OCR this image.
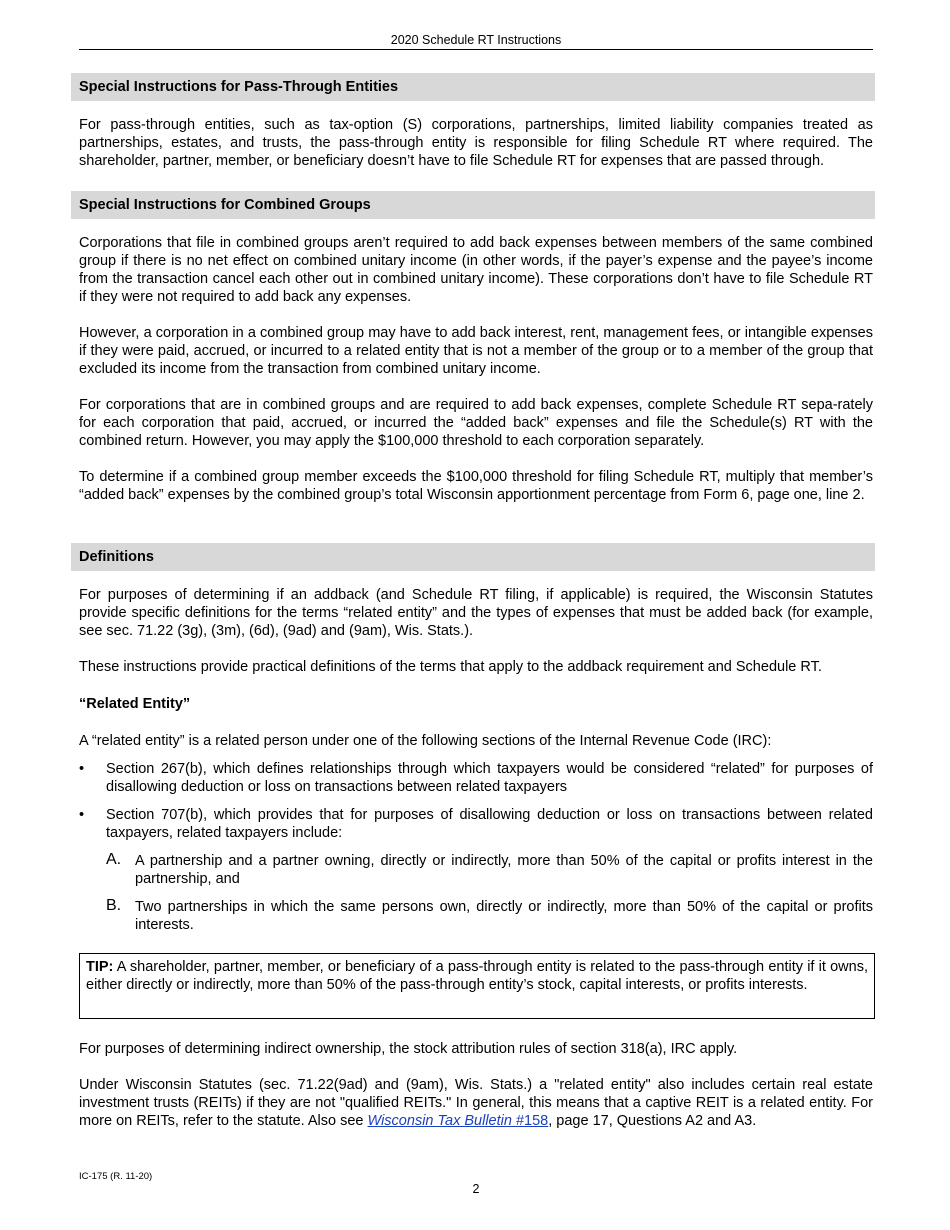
2020 Schedule RT Instructions
Special Instructions for Pass-Through Entities

For pass-through entities, such as tax-option (S) corporations, partnerships, limited liability companies treated as partnerships, estates, and trusts, the pass-through entity is responsible for filing Schedule RT where required. The shareholder, partner, member, or beneficiary doesn’t have to file Schedule RT for expenses that are passed through.

Special Instructions for Combined Groups

Corporations that file in combined groups aren’t required to add back expenses between members of the same combined group if there is no net effect on combined unitary income (in other words, if the payer’s expense and the payee’s income from the transaction cancel each other out in combined unitary income). These corporations don’t have to file Schedule RT if they were not required to add back any expenses.

However, a corporation in a combined group may have to add back interest, rent, management fees, or intangible expenses if they were paid, accrued, or incurred to a related entity that is not a member of the group or to a member of the group that excluded its income from the transaction from combined unitary income.

For corporations that are in combined groups and are required to add back expenses, complete Schedule RT sepa-rately for each corporation that paid, accrued, or incurred the “added back” expenses and file the Schedule(s) RT with the combined return. However, you may apply the $100,000 threshold to each corporation separately.

To determine if a combined group member exceeds the $100,000 threshold for filing Schedule RT, multiply that member’s “added back” expenses by the combined group’s total Wisconsin apportionment percentage from Form 6, page one, line 2.

Definitions

For purposes of determining if an addback (and Schedule RT filing, if applicable) is required, the Wisconsin Statutes provide specific definitions for the terms “related entity” and the types of expenses that must be added back (for example, see sec. 71.22 (3g), (3m), (6d), (9ad) and (9am), Wis. Stats.).

These instructions provide practical definitions of the terms that apply to the addback requirement and Schedule RT.

“Related Entity”

A “related entity” is a related person under one of the following sections of the Internal Revenue Code (IRC):

• Section 267(b), which defines relationships through which taxpayers would be considered “related” for purposes of disallowing deduction or loss on transactions between related taxpayers
• Section 707(b), which provides that for purposes of disallowing deduction or loss on transactions between related taxpayers, related taxpayers include:
A. A partnership and a partner owning, directly or indirectly, more than 50% of the capital or profits interest in the partnership, and
B. Two partnerships in which the same persons own, directly or indirectly, more than 50% of the capital or profits interests.
TIP: A shareholder, partner, member, or beneficiary of a pass-through entity is related to the pass-through entity if it owns, either directly or indirectly, more than 50% of the pass-through entity’s stock, capital interests, or profits interests.

For purposes of determining indirect ownership, the stock attribution rules of section 318(a), IRC apply.

Under Wisconsin Statutes (sec. 71.22(9ad) and (9am), Wis. Stats.) a "related entity" also includes certain real estate investment trusts (REITs) if they are not "qualified REITs." In general, this means that a captive REIT is a related entity. For more on REITs, refer to the statute. Also see Wisconsin Tax Bulletin #158, page 17, Questions A2 and A3.

IC-175 (R. 11-20)
2
